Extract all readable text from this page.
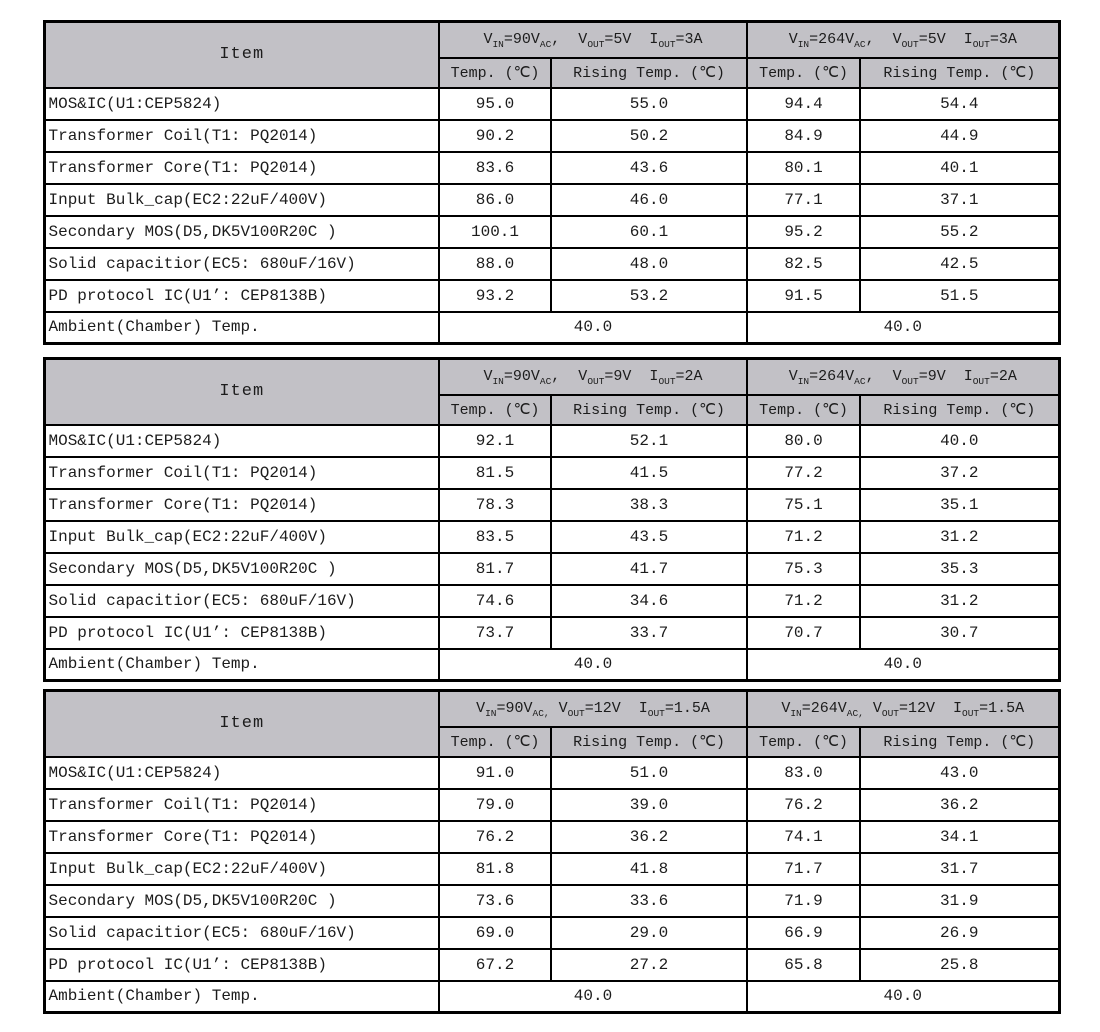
Item	$V_{IN}=90V_{AC}$,  $V_{OUT}=5V$  $I_{OUT}=3A$		$V_{IN}=264V_{AC}$,  $V_{OUT}=5V$  $I_{OUT}=3A$	
	Temp. (℃)	Rising Temp. (℃)	Temp. (℃)	Rising Temp. (℃)
MOS&IC(U1:CEP5824)	95.0	55.0	94.4	54.4
Transformer Coil(T1: PQ2014)	90.2	50.2	84.9	44.9
Transformer Core(T1: PQ2014)	83.6	43.6	80.1	40.1
Input Bulk_cap(EC2:22uF/400V)	86.0	46.0	77.1	37.1
Secondary MOS(D5,DK5V100R20C )	100.1	60.1	95.2	55.2
Solid capacitior(EC5: 680uF/16V)	88.0	48.0	82.5	42.5
PD protocol IC(U1’: CEP8138B)	93.2	53.2	91.5	51.5
Ambient(Chamber) Temp.	40.0		40.0	
Item	$V_{IN}=90V_{AC}$,  $V_{OUT}=9V$  $I_{OUT}=2A$		$V_{IN}=264V_{AC}$,  $V_{OUT}=9V$  $I_{OUT}=2A$	
	Temp. (℃)	Rising Temp. (℃)	Temp. (℃)	Rising Temp. (℃)
MOS&IC(U1:CEP5824)	92.1	52.1	80.0	40.0
Transformer Coil(T1: PQ2014)	81.5	41.5	77.2	37.2
Transformer Core(T1: PQ2014)	78.3	38.3	75.1	35.1
Input Bulk_cap(EC2:22uF/400V)	83.5	43.5	71.2	31.2
Secondary MOS(D5,DK5V100R20C )	81.7	41.7	75.3	35.3
Solid capacitior(EC5: 680uF/16V)	74.6	34.6	71.2	31.2
PD protocol IC(U1’: CEP8138B)	73.7	33.7	70.7	30.7
Ambient(Chamber) Temp.	40.0		40.0	
Item	$V_{IN}=90V_{AC,}$ $V_{OUT}=12V$  $I_{OUT}=1.5A$		$V_{IN}=264V_{AC,}$ $V_{OUT}=12V$  $I_{OUT}=1.5A$	
	Temp. (℃)	Rising Temp. (℃)	Temp. (℃)	Rising Temp. (℃)
MOS&IC(U1:CEP5824)	91.0	51.0	83.0	43.0
Transformer Coil(T1: PQ2014)	79.0	39.0	76.2	36.2
Transformer Core(T1: PQ2014)	76.2	36.2	74.1	34.1
Input Bulk_cap(EC2:22uF/400V)	81.8	41.8	71.7	31.7
Secondary MOS(D5,DK5V100R20C )	73.6	33.6	71.9	31.9
Solid capacitior(EC5: 680uF/16V)	69.0	29.0	66.9	26.9
PD protocol IC(U1’: CEP8138B)	67.2	27.2	65.8	25.8
Ambient(Chamber) Temp.	40.0		40.0	
